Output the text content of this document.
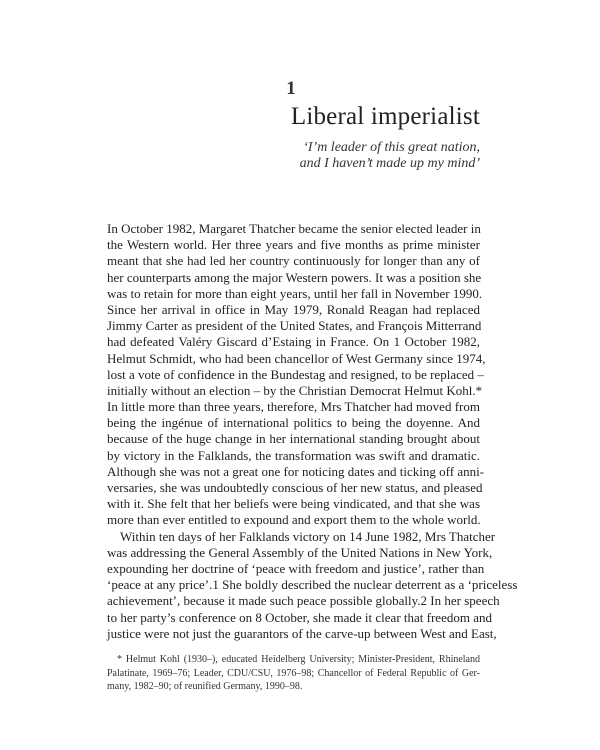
1
Liberal imperialist
‘I’m leader of this great nation,
and I haven’t made up my mind’
In October 1982, Margaret Thatcher became the senior elected leader in
the Western world. Her three years and five months as prime minister
meant that she had led her country continuously for longer than any of
her counterparts among the major Western powers. It was a position she
was to retain for more than eight years, until her fall in November 1990.
Since her arrival in office in May 1979, Ronald Reagan had replaced
Jimmy Carter as president of the United States, and François Mitterrand
had defeated Valéry Giscard d’Estaing in France. On 1 October 1982,
Helmut Schmidt, who had been chancellor of West Germany since 1974,
lost a vote of confidence in the Bundestag and resigned, to be replaced –
initially without an election – by the Christian Democrat Helmut Kohl.*
In little more than three years, therefore, Mrs Thatcher had moved from
being the ingénue of international politics to being the doyenne. And
because of the huge change in her international standing brought about
by victory in the Falklands, the transformation was swift and dramatic.
Although she was not a great one for noticing dates and ticking off anni-
versaries, she was undoubtedly conscious of her new status, and pleased
with it. She felt that her beliefs were being vindicated, and that she was
more than ever entitled to expound and export them to the whole world.
Within ten days of her Falklands victory on 14 June 1982, Mrs Thatcher
was addressing the General Assembly of the United Nations in New York,
expounding her doctrine of ‘peace with freedom and justice’, rather than
‘peace at any price’.1 She boldly described the nuclear deterrent as a ‘priceless
achievement’, because it made such peace possible globally.2 In her speech
to her party’s conference on 8 October, she made it clear that freedom and
justice were not just the guarantors of the carve-up between West and East,
* Helmut Kohl (1930–), educated Heidelberg University; Minister-President, Rhineland
Palatinate, 1969–76; Leader, CDU/CSU, 1976–98; Chancellor of Federal Republic of Ger-
many, 1982–90; of reunified Germany, 1990–98.
